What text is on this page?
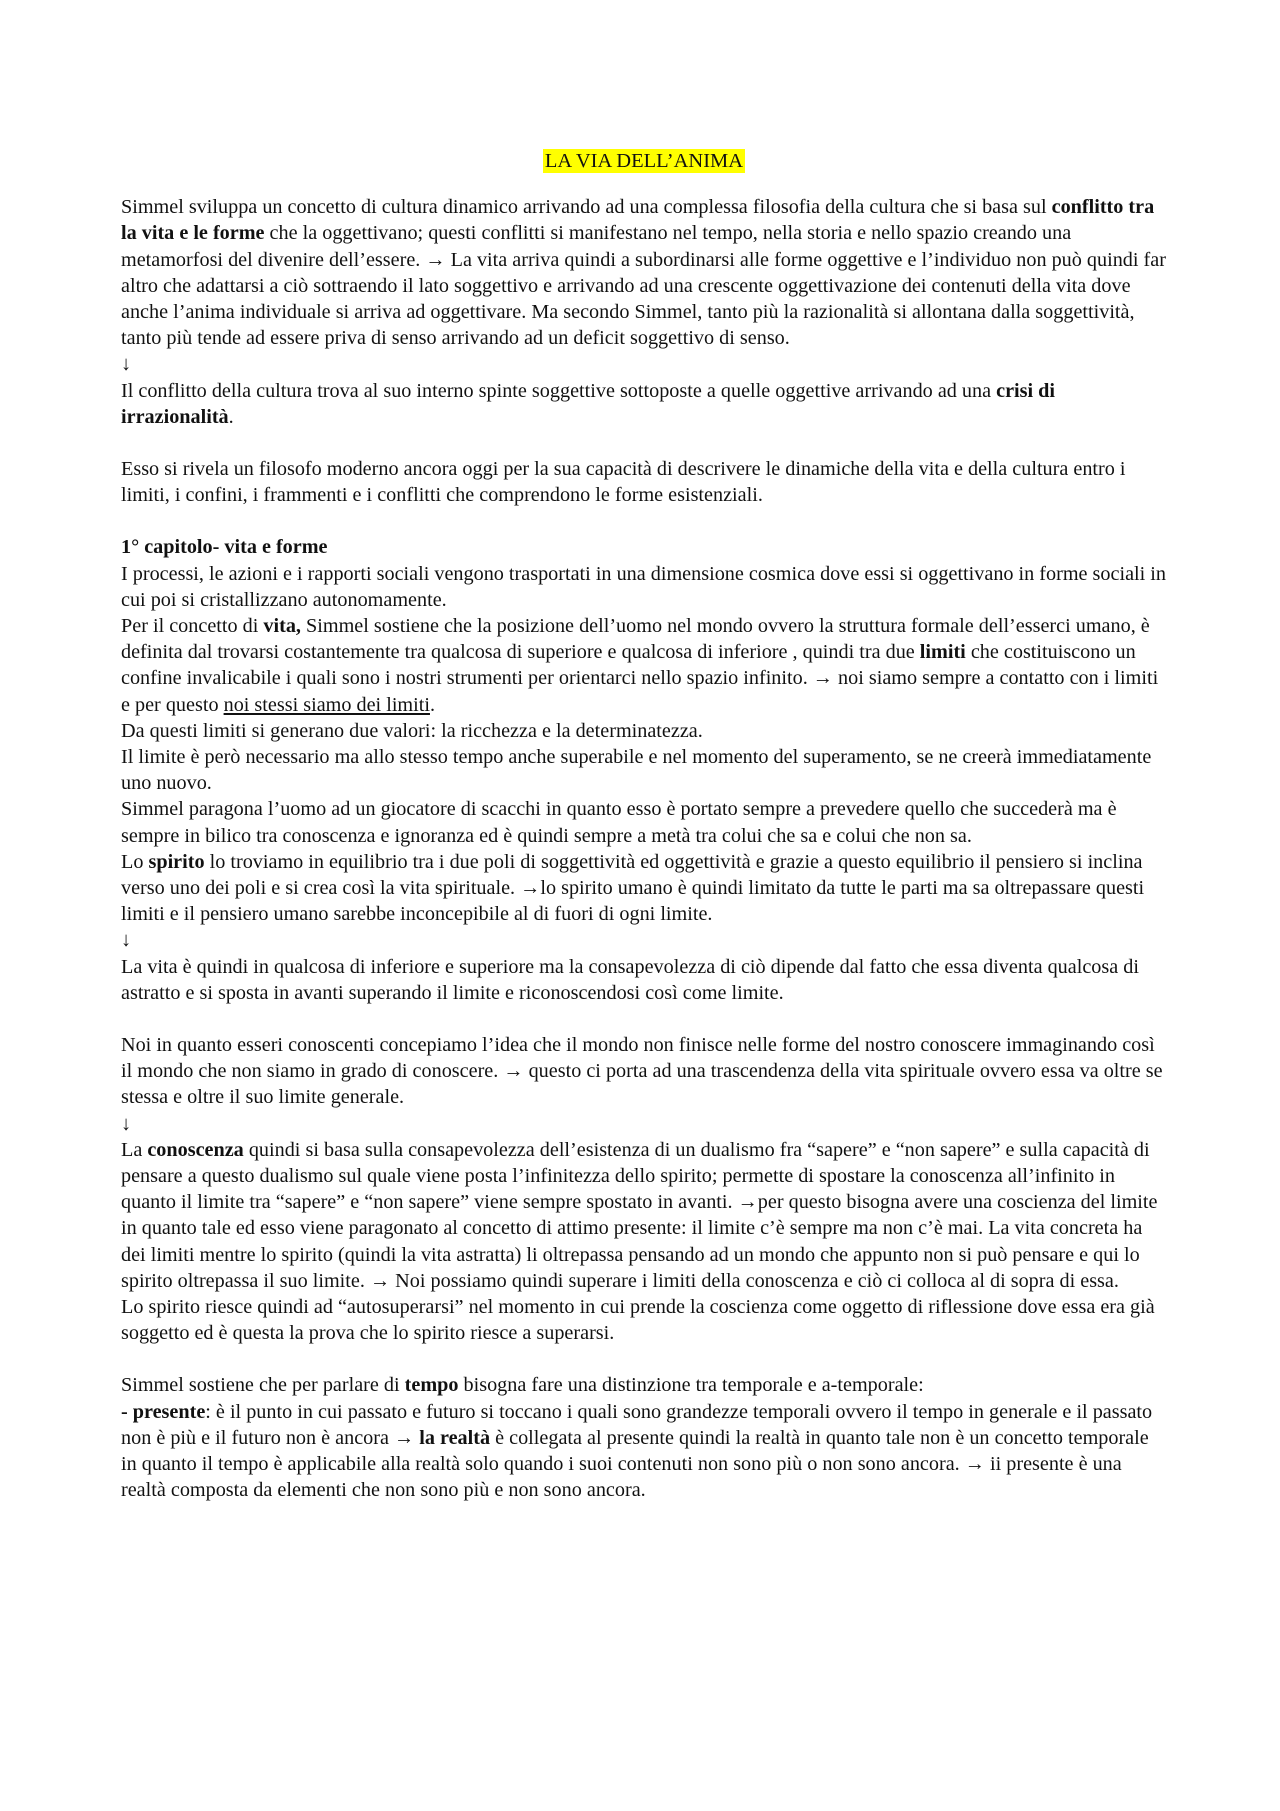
LA VIA DELL’ANIMA

Simmel sviluppa un concetto di cultura dinamico arrivando ad una complessa filosofia della cultura che si basa sul conflitto tra la vita e le forme che la oggettivano; questi conflitti si manifestano nel tempo, nella storia e nello spazio creando una metamorfosi del divenire dell’essere. → La vita arriva quindi a subordinarsi alle forme oggettive e l’individuo non può quindi far altro che adattarsi a ciò sottraendo il lato soggettivo e arrivando ad una crescente oggettivazione dei contenuti della vita dove anche l’anima individuale si arriva ad oggettivare. Ma secondo Simmel, tanto più la razionalità si allontana dalla soggettività, tanto più tende ad essere priva di senso arrivando ad un deficit soggettivo di senso.

↓

Il conflitto della cultura trova al suo interno spinte soggettive sottoposte a quelle oggettive arrivando ad una crisi di irrazionalità.

Esso si rivela un filosofo moderno ancora oggi per la sua capacità di descrivere le dinamiche della vita e della cultura entro i limiti, i confini, i frammenti e i conflitti che comprendono le forme esistenziali.

1° capitolo- vita e forme

I processi, le azioni e i rapporti sociali vengono trasportati in una dimensione cosmica dove essi si oggettivano in forme sociali in cui poi si cristallizzano autonomamente.

Per il concetto di vita, Simmel sostiene che la posizione dell’uomo nel mondo ovvero la struttura formale dell’esserci umano, è definita dal trovarsi costantemente tra qualcosa di superiore e qualcosa di inferiore , quindi tra due limiti che costituiscono un confine invalicabile i quali sono i nostri strumenti per orientarci nello spazio infinito. → noi siamo sempre a contatto con i limiti e per questo noi stessi siamo dei limiti.

Da questi limiti si generano due valori: la ricchezza e la determinatezza.

Il limite è però necessario ma allo stesso tempo anche superabile e nel momento del superamento, se ne creerà immediatamente uno nuovo.

Simmel paragona l’uomo ad un giocatore di scacchi in quanto esso è portato sempre a prevedere quello che succederà ma è sempre in bilico tra conoscenza e ignoranza ed è quindi sempre a metà tra colui che sa e colui che non sa.

Lo spirito lo troviamo in equilibrio tra i due poli di soggettività ed oggettività e grazie a questo equilibrio il pensiero si inclina verso uno dei poli e si crea così la vita spirituale. →lo spirito umano è quindi limitato da tutte le parti ma sa oltrepassare questi limiti e il pensiero umano sarebbe inconcepibile al di fuori di ogni limite.

↓

La vita è quindi in qualcosa di inferiore e superiore ma la consapevolezza di ciò dipende dal fatto che essa diventa qualcosa di astratto e si sposta in avanti superando il limite e riconoscendosi così come limite.

Noi in quanto esseri conoscenti concepiamo l’idea che il mondo non finisce nelle forme del nostro conoscere immaginando così il mondo che non siamo in grado di conoscere. → questo ci porta ad una trascendenza della vita spirituale ovvero essa va oltre se stessa e oltre il suo limite generale.

↓

La conoscenza quindi si basa sulla consapevolezza dell’esistenza di un dualismo fra “sapere” e “non sapere” e sulla capacità di pensare a questo dualismo sul quale viene posta l’infinitezza dello spirito; permette di spostare la conoscenza all’infinito in quanto il limite tra “sapere” e “non sapere” viene sempre spostato in avanti. →per questo bisogna avere una coscienza del limite in quanto tale ed esso viene paragonato al concetto di attimo presente: il limite c’è sempre ma non c’è mai. La vita concreta ha dei limiti mentre lo spirito (quindi la vita astratta) li oltrepassa pensando ad un mondo che appunto non si può pensare e qui lo spirito oltrepassa il suo limite. → Noi possiamo quindi superare i limiti della conoscenza e ciò ci colloca al di sopra di essa.

Lo spirito riesce quindi ad “autosuperarsi” nel momento in cui prende la coscienza come oggetto di riflessione dove essa era già soggetto ed è questa la prova che lo spirito riesce a superarsi.

Simmel sostiene che per parlare di tempo bisogna fare una distinzione tra temporale e a-temporale:

- presente: è il punto in cui passato e futuro si toccano i quali sono grandezze temporali ovvero il tempo in generale e il passato non è più e il futuro non è ancora → la realtà è collegata al presente quindi la realtà in quanto tale non è un concetto temporale in quanto il tempo è applicabile alla realtà solo quando i suoi contenuti non sono più o non sono ancora. → ii presente è una realtà composta da elementi che non sono più e non sono ancora.
